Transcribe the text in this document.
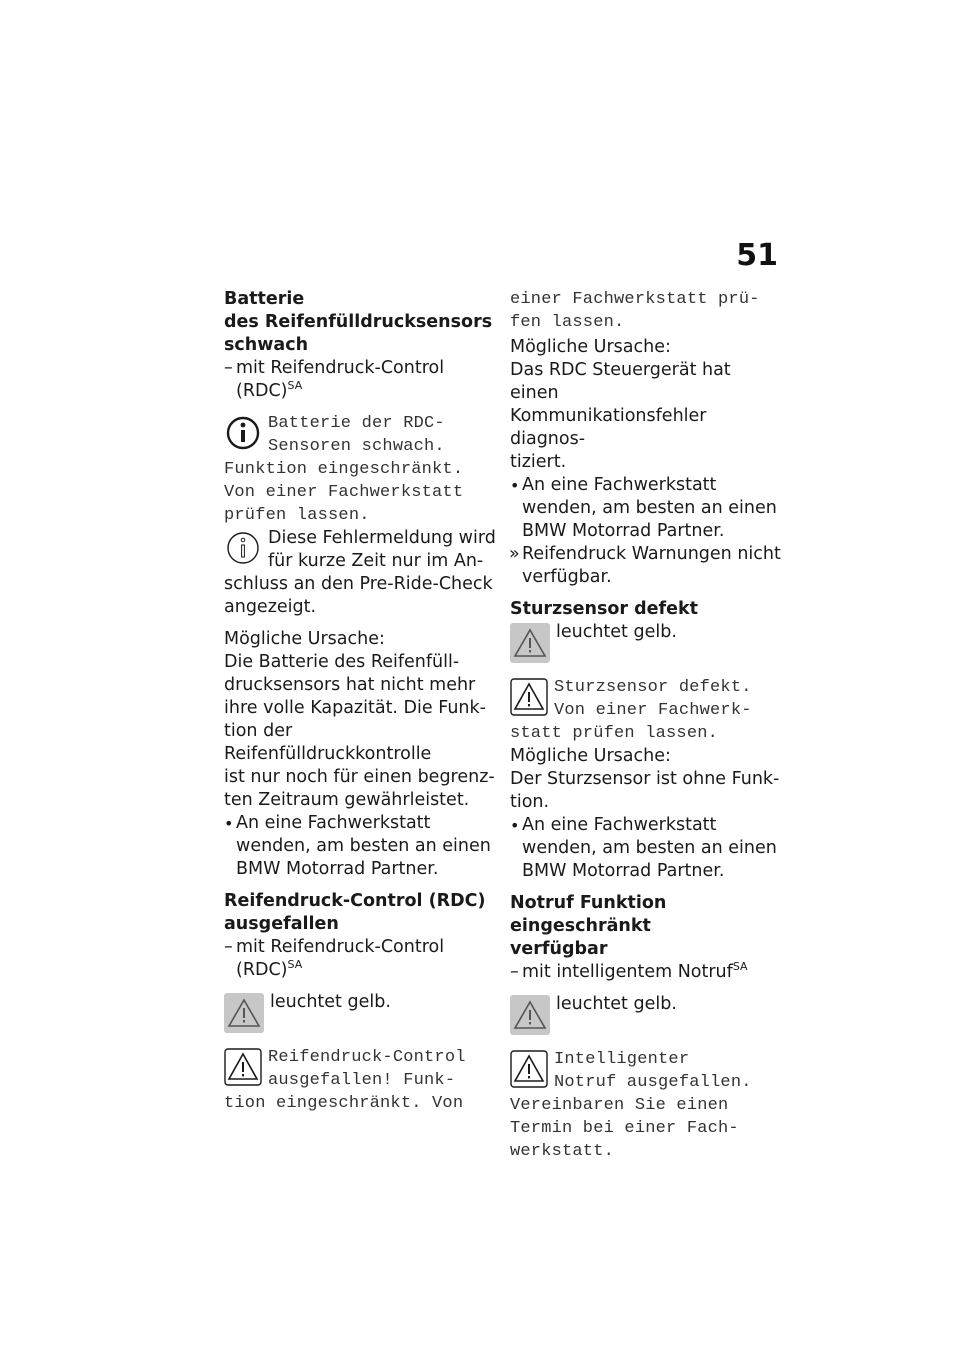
51

Batterie

des Reifenfülldrucksensors

schwach

– mit Reifendruck-Control

(RDC)$^{SA}$

Batterie der RDC-
Sensoren schwach.
Funktion eingeschränkt.
Von einer Fachwerkstatt
prüfen lassen.
Diese Fehlermeldung wird
für kurze Zeit nur im An-
schluss an den Pre-Ride-Check
angezeigt.

Mögliche Ursache:

Die Batterie des Reifenfüll-

drucksensors hat nicht mehr

ihre volle Kapazität. Die Funk-

tion der Reifenfülldruckkontrolle

ist nur noch für einen begrenz-

ten Zeitraum gewährleistet.

• An eine Fachwerkstatt

wenden, am besten an einen

BMW Motorrad Partner.

Reifendruck-Control (RDC)

ausgefallen

– mit Reifendruck-Control

(RDC)$^{SA}$

leuchtet gelb.
Reifendruck-Control
ausgefallen! Funk-
tion eingeschränkt. Von
einer Fachwerkstatt prü-
fen lassen.

Mögliche Ursache:

Das RDC Steuergerät hat einen

Kommunikationsfehler diagnos-

tiziert.

• An eine Fachwerkstatt

wenden, am besten an einen

BMW Motorrad Partner.

» Reifendruck Warnungen nicht

verfügbar.

Sturzsensor defekt

leuchtet gelb.
Sturzsensor defekt.
Von einer Fachwerk-
statt prüfen lassen.

Mögliche Ursache:

Der Sturzsensor ist ohne Funk-

tion.

• An eine Fachwerkstatt

wenden, am besten an einen

BMW Motorrad Partner.

Notruf Funktion eingeschränkt

verfügbar

– mit intelligentem Notruf$^{SA}$

leuchtet gelb.
Intelligenter
Notruf ausgefallen.
Vereinbaren Sie einen
Termin bei einer Fach-
werkstatt.
